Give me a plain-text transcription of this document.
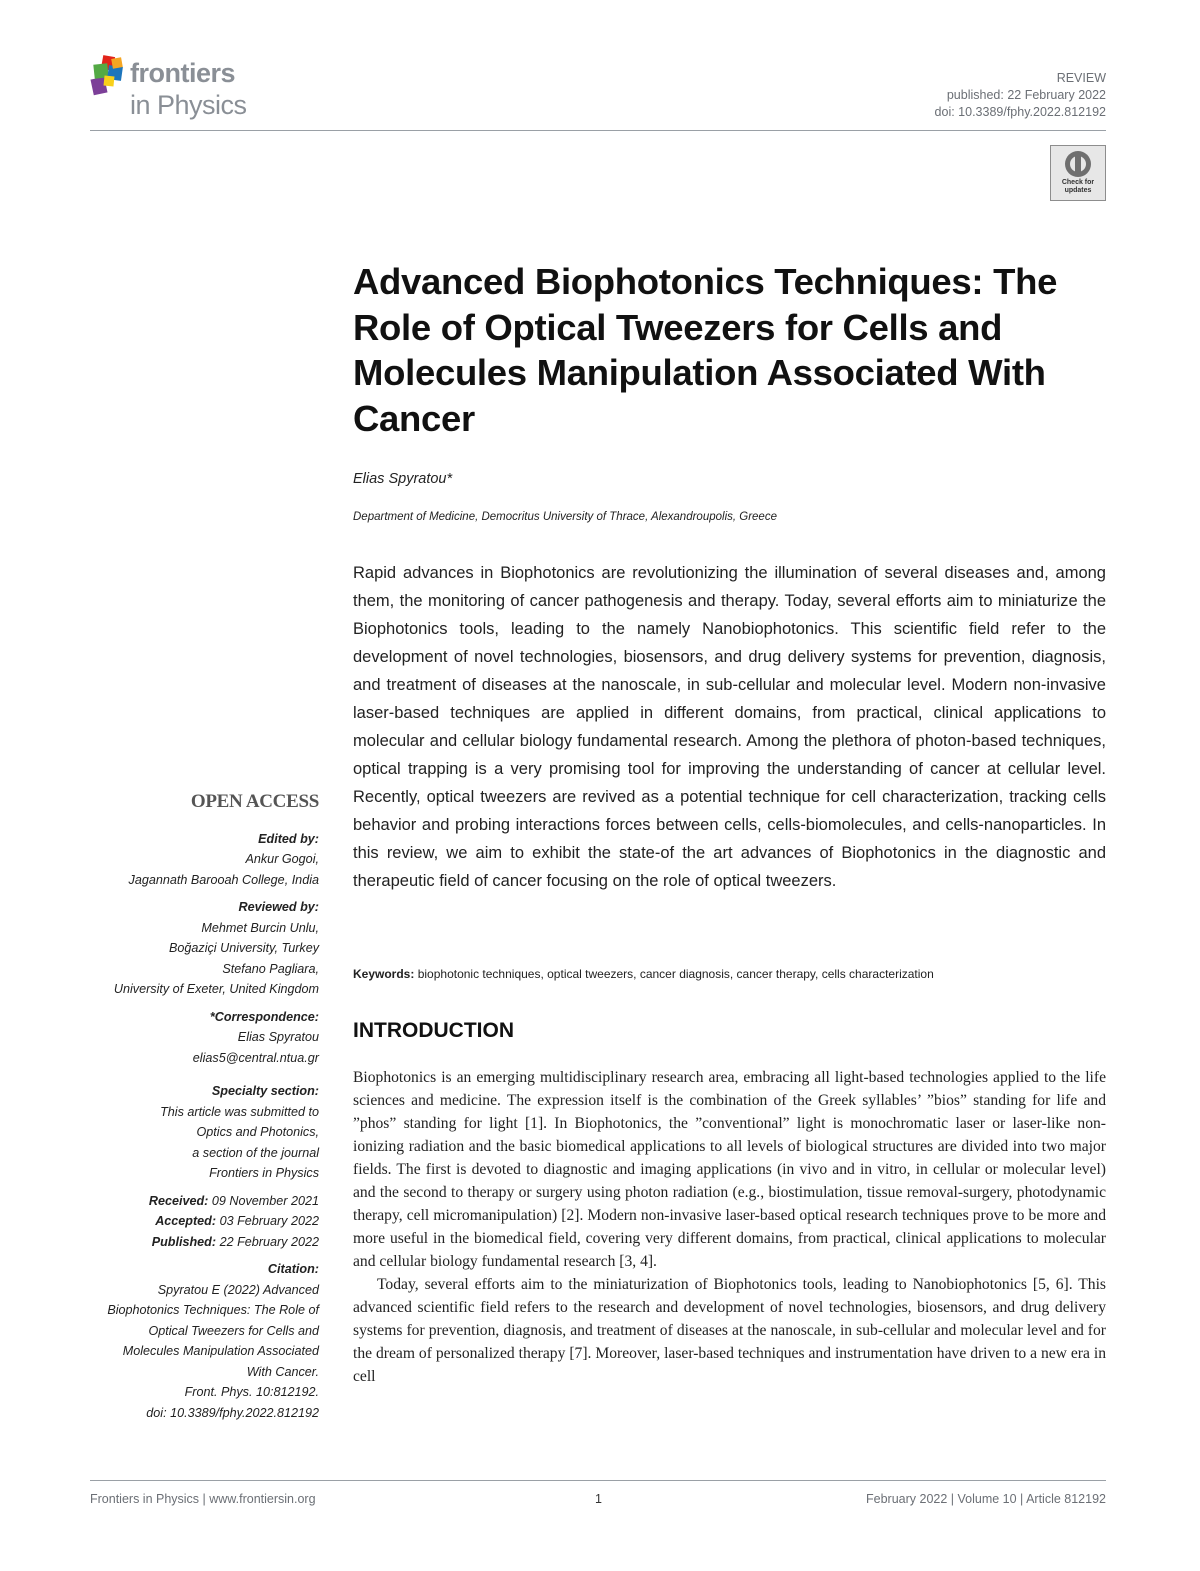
frontiers
in Physics
REVIEW
published: 22 February 2022
doi: 10.3389/fphy.2022.812192
Check for updates
Advanced Biophotonics Techniques: The Role of Optical Tweezers for Cells and Molecules Manipulation Associated With Cancer
Elias Spyratou*
Department of Medicine, Democritus University of Thrace, Alexandroupolis, Greece
Rapid advances in Biophotonics are revolutionizing the illumination of several diseases and, among them, the monitoring of cancer pathogenesis and therapy. Today, several efforts aim to miniaturize the Biophotonics tools, leading to the namely Nanobiophotonics. This scientific field refer to the development of novel technologies, biosensors, and drug delivery systems for prevention, diagnosis, and treatment of diseases at the nanoscale, in sub-cellular and molecular level. Modern non-invasive laser-based techniques are applied in different domains, from practical, clinical applications to molecular and cellular biology fundamental research. Among the plethora of photon-based techniques, optical trapping is a very promising tool for improving the understanding of cancer at cellular level. Recently, optical tweezers are revived as a potential technique for cell characterization, tracking cells behavior and probing interactions forces between cells, cells-biomolecules, and cells-nanoparticles. In this review, we aim to exhibit the state-of the art advances of Biophotonics in the diagnostic and therapeutic field of cancer focusing on the role of optical tweezers.
Keywords: biophotonic techniques, optical tweezers, cancer diagnosis, cancer therapy, cells characterization
INTRODUCTION

Biophotonics is an emerging multidisciplinary research area, embracing all light-based technologies applied to the life sciences and medicine. The expression itself is the combination of the Greek syllables’ ”bios” standing for life and ”phos” standing for light [1]. In Biophotonics, the ”conventional” light is monochromatic laser or laser-like non-ionizing radiation and the basic biomedical applications to all levels of biological structures are divided into two major fields. The first is devoted to diagnostic and imaging applications (in vivo and in vitro, in cellular or molecular level) and the second to therapy or surgery using photon radiation (e.g., biostimulation, tissue removal-surgery, photodynamic therapy, cell micromanipulation) [2]. Modern non-invasive laser-based optical research techniques prove to be more and more useful in the biomedical field, covering very different domains, from practical, clinical applications to molecular and cellular biology fundamental research [3, 4].

Today, several efforts aim to the miniaturization of Biophotonics tools, leading to Nanobiophotonics [5, 6]. This advanced scientific field refers to the research and development of novel technologies, biosensors, and drug delivery systems for prevention, diagnosis, and treatment of diseases at the nanoscale, in sub-cellular and molecular level and for the dream of personalized therapy [7]. Moreover, laser-based techniques and instrumentation have driven to a new era in cell

OPEN ACCESS
Edited by:
Ankur Gogoi,
Jagannath Barooah College, India
Reviewed by:
Mehmet Burcin Unlu,
Boğaziçi University, Turkey
Stefano Pagliara,
University of Exeter, United Kingdom
*Correspondence:
Elias Spyratou
elias5@central.ntua.gr
Specialty section:
This article was submitted to
Optics and Photonics,
a section of the journal
Frontiers in Physics
Received: 09 November 2021
Accepted: 03 February 2022
Published: 22 February 2022
Citation:
Spyratou E (2022) Advanced
Biophotonics Techniques: The Role of
Optical Tweezers for Cells and
Molecules Manipulation Associated
With Cancer.
Front. Phys. 10:812192.
doi: 10.3389/fphy.2022.812192
Frontiers in Physics | www.frontiersin.org	1	February 2022 | Volume 10 | Article 812192
